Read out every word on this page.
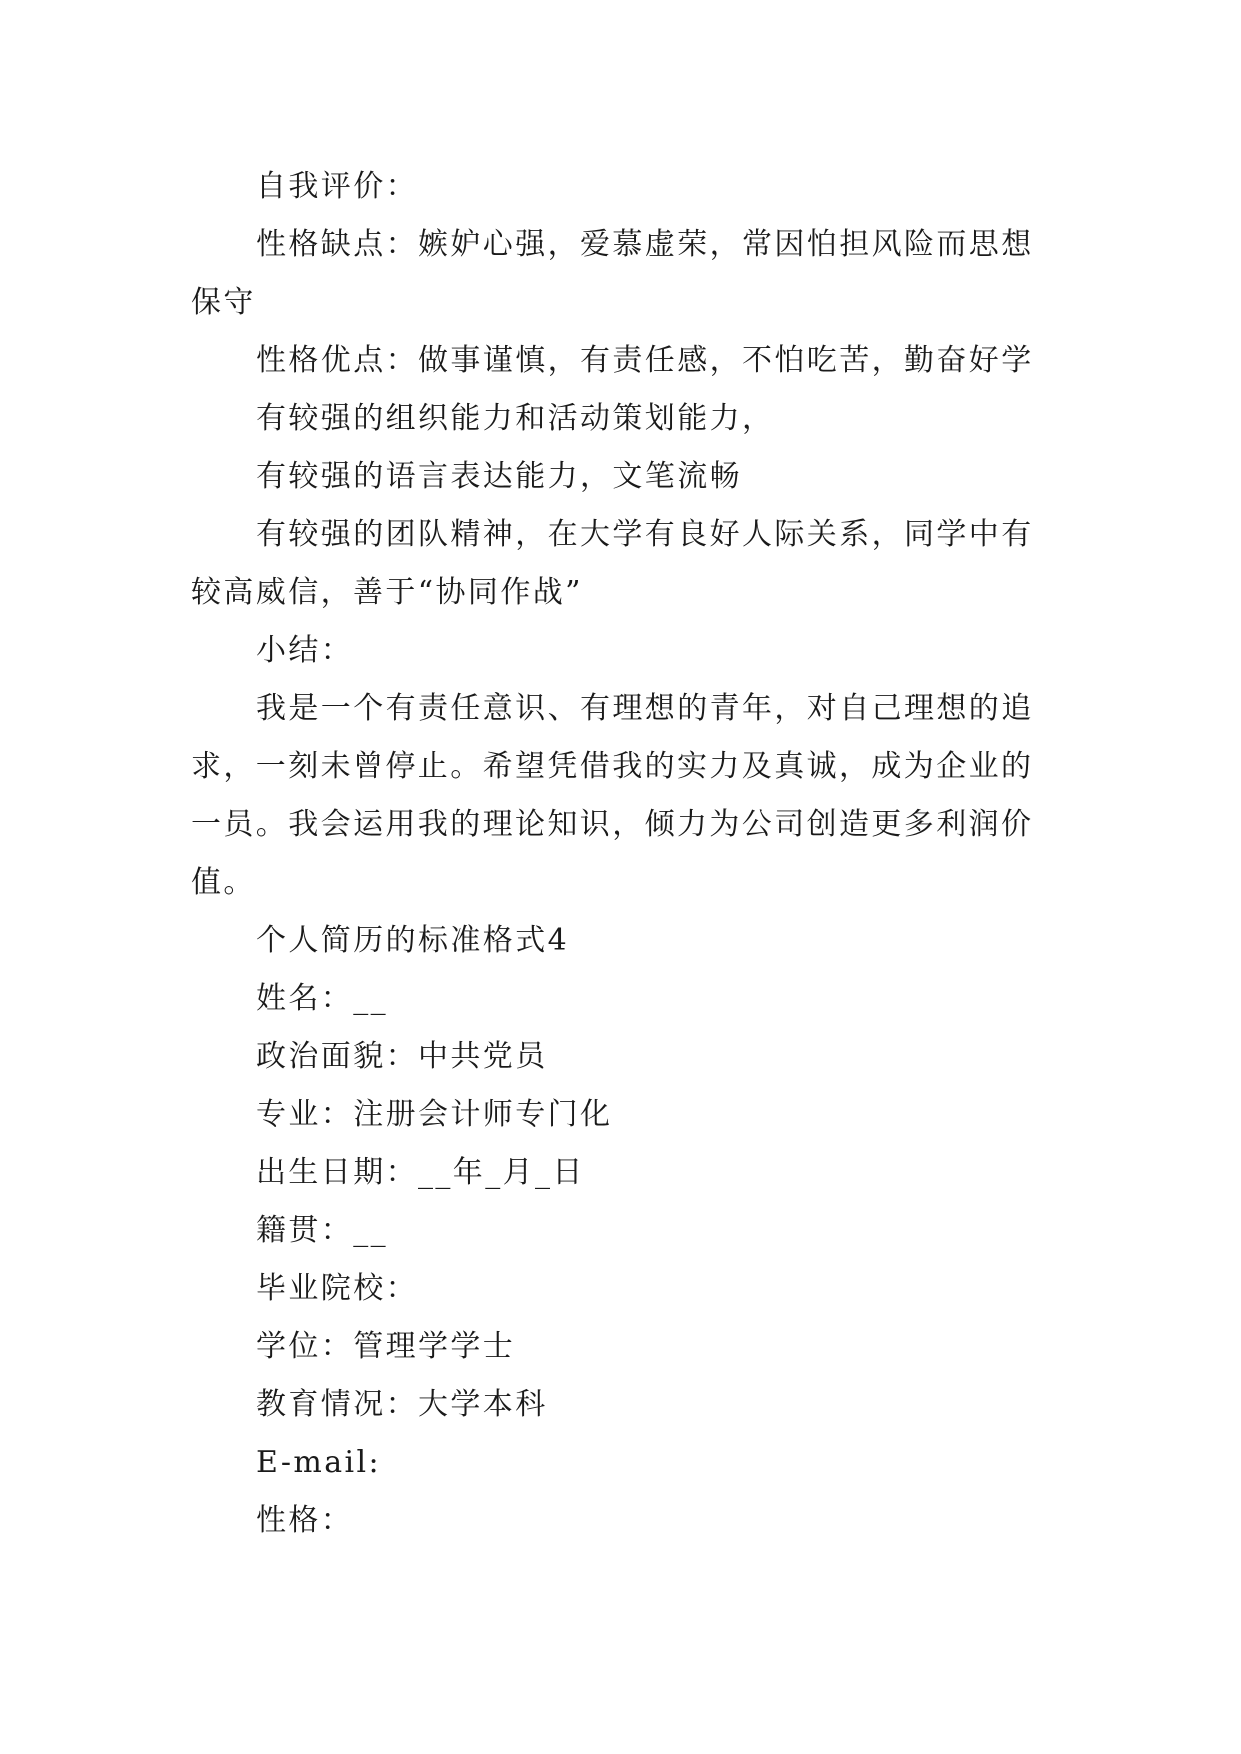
自我评价：

性格缺点：嫉妒心强，爱慕虚荣，常因怕担风险而思想保守

性格优点：做事谨慎，有责任感，不怕吃苦，勤奋好学

有较强的组织能力和活动策划能力，

有较强的语言表达能力，文笔流畅

有较强的团队精神，在大学有良好人际关系，同学中有较高威信，善于“协同作战”

小结：

我是一个有责任意识、有理想的青年，对自己理想的追求，一刻未曾停止。希望凭借我的实力及真诚，成为企业的一员。我会运用我的理论知识，倾力为公司创造更多利润价值。

个人简历的标准格式4

姓名：__

政治面貌：中共党员

专业：注册会计师专门化

出生日期：__年_月_日

籍贯：__

毕业院校：

学位：管理学学士

教育情况：大学本科

E-mail:

性格：
